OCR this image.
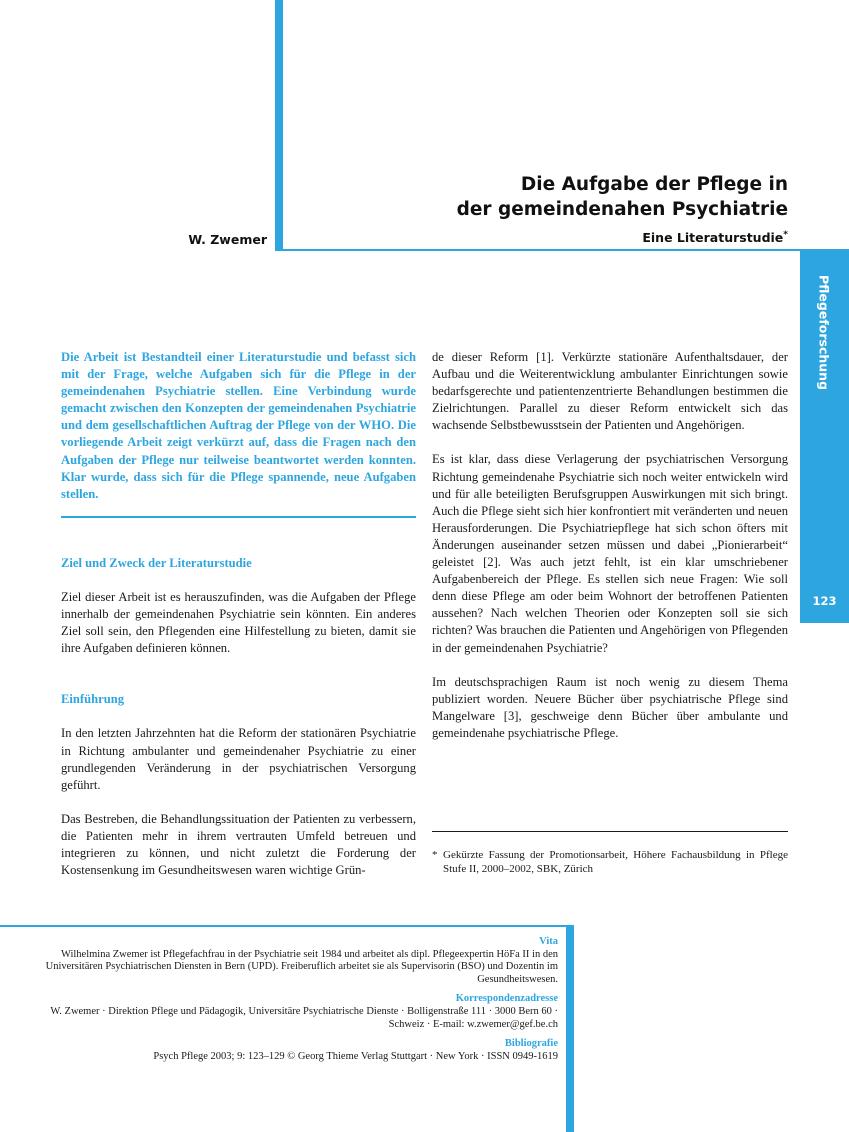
W. Zwemer
Die Aufgabe der Pflege in
der gemeindenahen Psychiatrie
Eine Literaturstudie*
Pflegeforschung
123

Die Arbeit ist Bestandteil einer Literaturstudie und befasst sich mit der Frage, welche Aufgaben sich für die Pflege in der gemeindenahen Psychiatrie stellen. Eine Verbindung wurde gemacht zwischen den Konzepten der gemeindenahen Psychiatrie und dem gesellschaftlichen Auftrag der Pflege von der WHO. Die vorliegende Arbeit zeigt verkürzt auf, dass die Fragen nach den Aufgaben der Pflege nur teilweise beantwortet werden konnten. Klar wurde, dass sich für die Pflege spannende, neue Aufgaben stellen.

Ziel und Zweck der Literaturstudie

Ziel dieser Arbeit ist es herauszufinden, was die Aufgaben der Pflege innerhalb der gemeindenahen Psychiatrie sein könnten. Ein anderes Ziel soll sein, den Pflegenden eine Hilfestellung zu bieten, damit sie ihre Aufgaben definieren können.

Einführung

In den letzten Jahrzehnten hat die Reform der stationären Psychiatrie in Richtung ambulanter und gemeindenaher Psychiatrie zu einer grundlegenden Veränderung in der psychiatrischen Versorgung geführt.

Das Bestreben, die Behandlungssituation der Patienten zu verbessern, die Patienten mehr in ihrem vertrauten Umfeld betreuen und integrieren zu können, und nicht zuletzt die Forderung der Kostensenkung im Gesundheitswesen waren wichtige Grün-

de dieser Reform [1]. Verkürzte stationäre Aufenthaltsdauer, der Aufbau und die Weiterentwicklung ambulanter Einrichtungen sowie bedarfsgerechte und patientenzentrierte Behandlungen bestimmen die Zielrichtungen. Parallel zu dieser Reform entwickelt sich das wachsende Selbstbewusstsein der Patienten und Angehörigen.

Es ist klar, dass diese Verlagerung der psychiatrischen Versorgung Richtung gemeindenahe Psychiatrie sich noch weiter entwickeln wird und für alle beteiligten Berufsgruppen Auswirkungen mit sich bringt. Auch die Pflege sieht sich hier konfrontiert mit veränderten und neuen Herausforderungen. Die Psychiatriepflege hat sich schon öfters mit Änderungen auseinander setzen müssen und dabei „Pionierarbeit“ geleistet [2]. Was auch jetzt fehlt, ist ein klar umschriebener Aufgabenbereich der Pflege. Es stellen sich neue Fragen: Wie soll denn diese Pflege am oder beim Wohnort der betroffenen Patienten aussehen? Nach welchen Theorien oder Konzepten soll sie sich richten? Was brauchen die Patienten und Angehörigen von Pflegenden in der gemeindenahen Psychiatrie?

Im deutschsprachigen Raum ist noch wenig zu diesem Thema publiziert worden. Neuere Bücher über psychiatrische Pflege sind Mangelware [3], geschweige denn Bücher über ambulante und gemeindenahe psychiatrische Pflege.

* Gekürzte Fassung der Promotionsarbeit, Höhere Fachausbildung in Pflege Stufe II, 2000–2002, SBK, Zürich
Vita
Wilhelmina Zwemer ist Pflegefachfrau in der Psychiatrie seit 1984 und arbeitet als dipl. Pflegeexpertin HöFa II in den Universitären Psychiatrischen Diensten in Bern (UPD). Freiberuflich arbeitet sie als Supervisorin (BSO) und Dozentin im Gesundheitswesen.
Korrespondenzadresse
W. Zwemer · Direktion Pflege und Pädagogik, Universitäre Psychiatrische Dienste · Bolligenstraße 111 · 3000 Bern 60 · Schweiz · E-mail: w.zwemer@gef.be.ch
Bibliografie
Psych Pflege 2003; 9: 123–129 © Georg Thieme Verlag Stuttgart · New York · ISSN 0949-1619
